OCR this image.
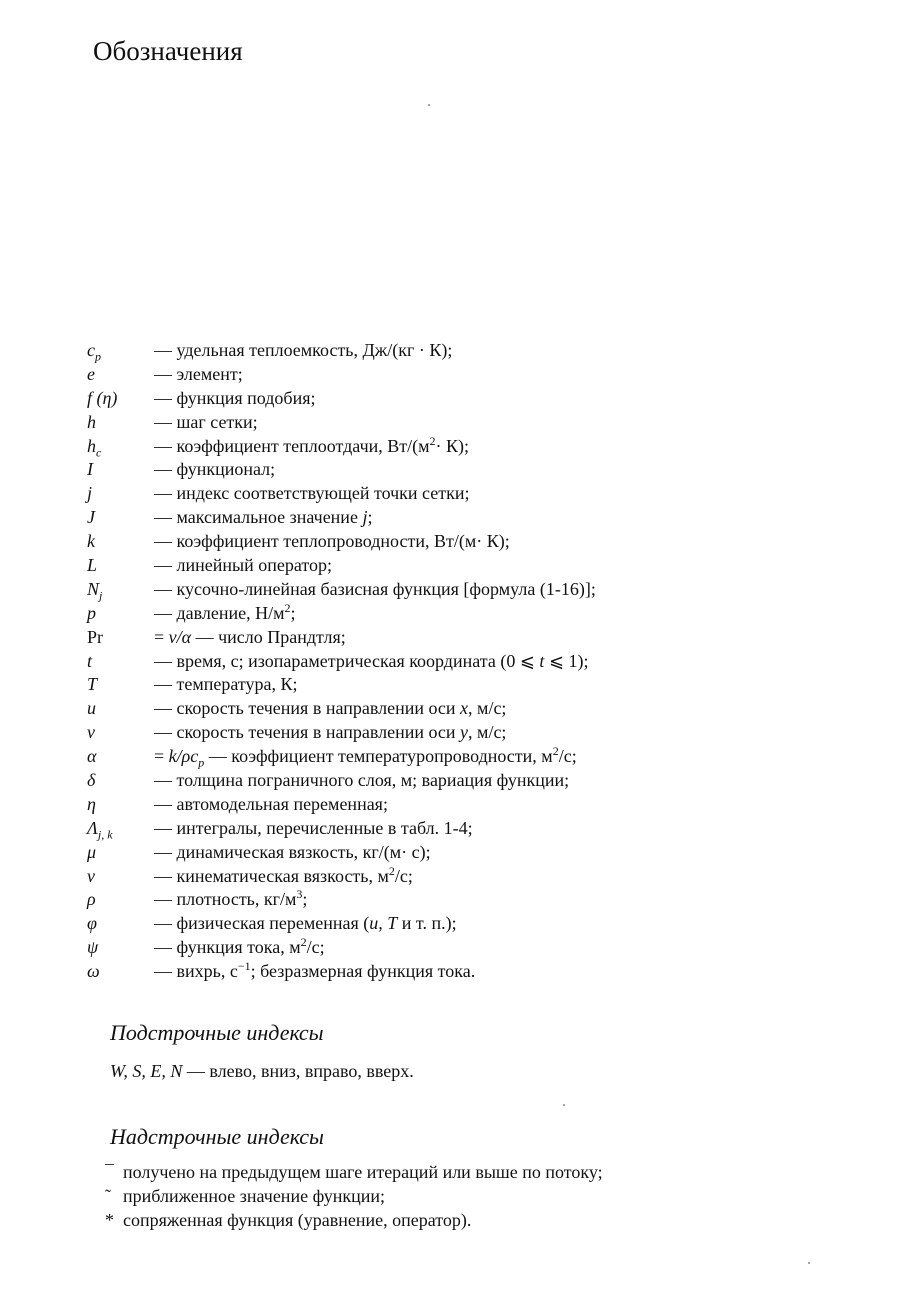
Обозначения
$c_p$	— удельная теплоемкость, Дж/(кг · К);
e	— элемент;
f (η) — функция подобия;
h	— шаг сетки;
$h_c$	— коэффициент теплоотдачи, $Вт/(м^2\cdot К)$;
I	— функционал;
j	— индекс соответствующей точки сетки;
J	— максимальное значение j;
k	— коэффициент теплопроводности, Вт/(м· К);
L	— линейный оператор;
$N_j$	— кусочно-линейная базисная функция [формула (1-16)];
p	— давление, $Н/м^2$;
Pr	= ν/α — число Прандтля;
t	— время, с; изопараметрическая координата (0 ⩽ t ⩽ 1);
T	— температура, К;
u	— скорость течения в направлении оси x, м/с;
v	— скорость течения в направлении оси y, м/с;
α	= $k/\rho c_p$ — коэффициент температуропроводности, $м^2/с$;
δ	— толщина пограничного слоя, м; вариация функции;
η	— автомодельная переменная;
$\Lambda_{j, k}$ — интегралы, перечисленные в табл. 1-4;
μ	— динамическая вязкость, кг/(м· с);
ν	— кинематическая вязкость, $м^2/с$;
ρ	— плотность, $кг/м^3$;
φ	— физическая переменная (u, T и т. п.);
ψ	— функция тока, $м^2/с$;
ω	— вихрь, $с^{-1}$; безразмерная функция тока.
Подстрочные индексы
W, S, E, N — влево, вниз, вправо, вверх.
Надстрочные индексы
¯ получено на предыдущем шаге итераций или выше по потоку;
˜ приближенное значение функции;
* сопряженная функция (уравнение, оператор).
